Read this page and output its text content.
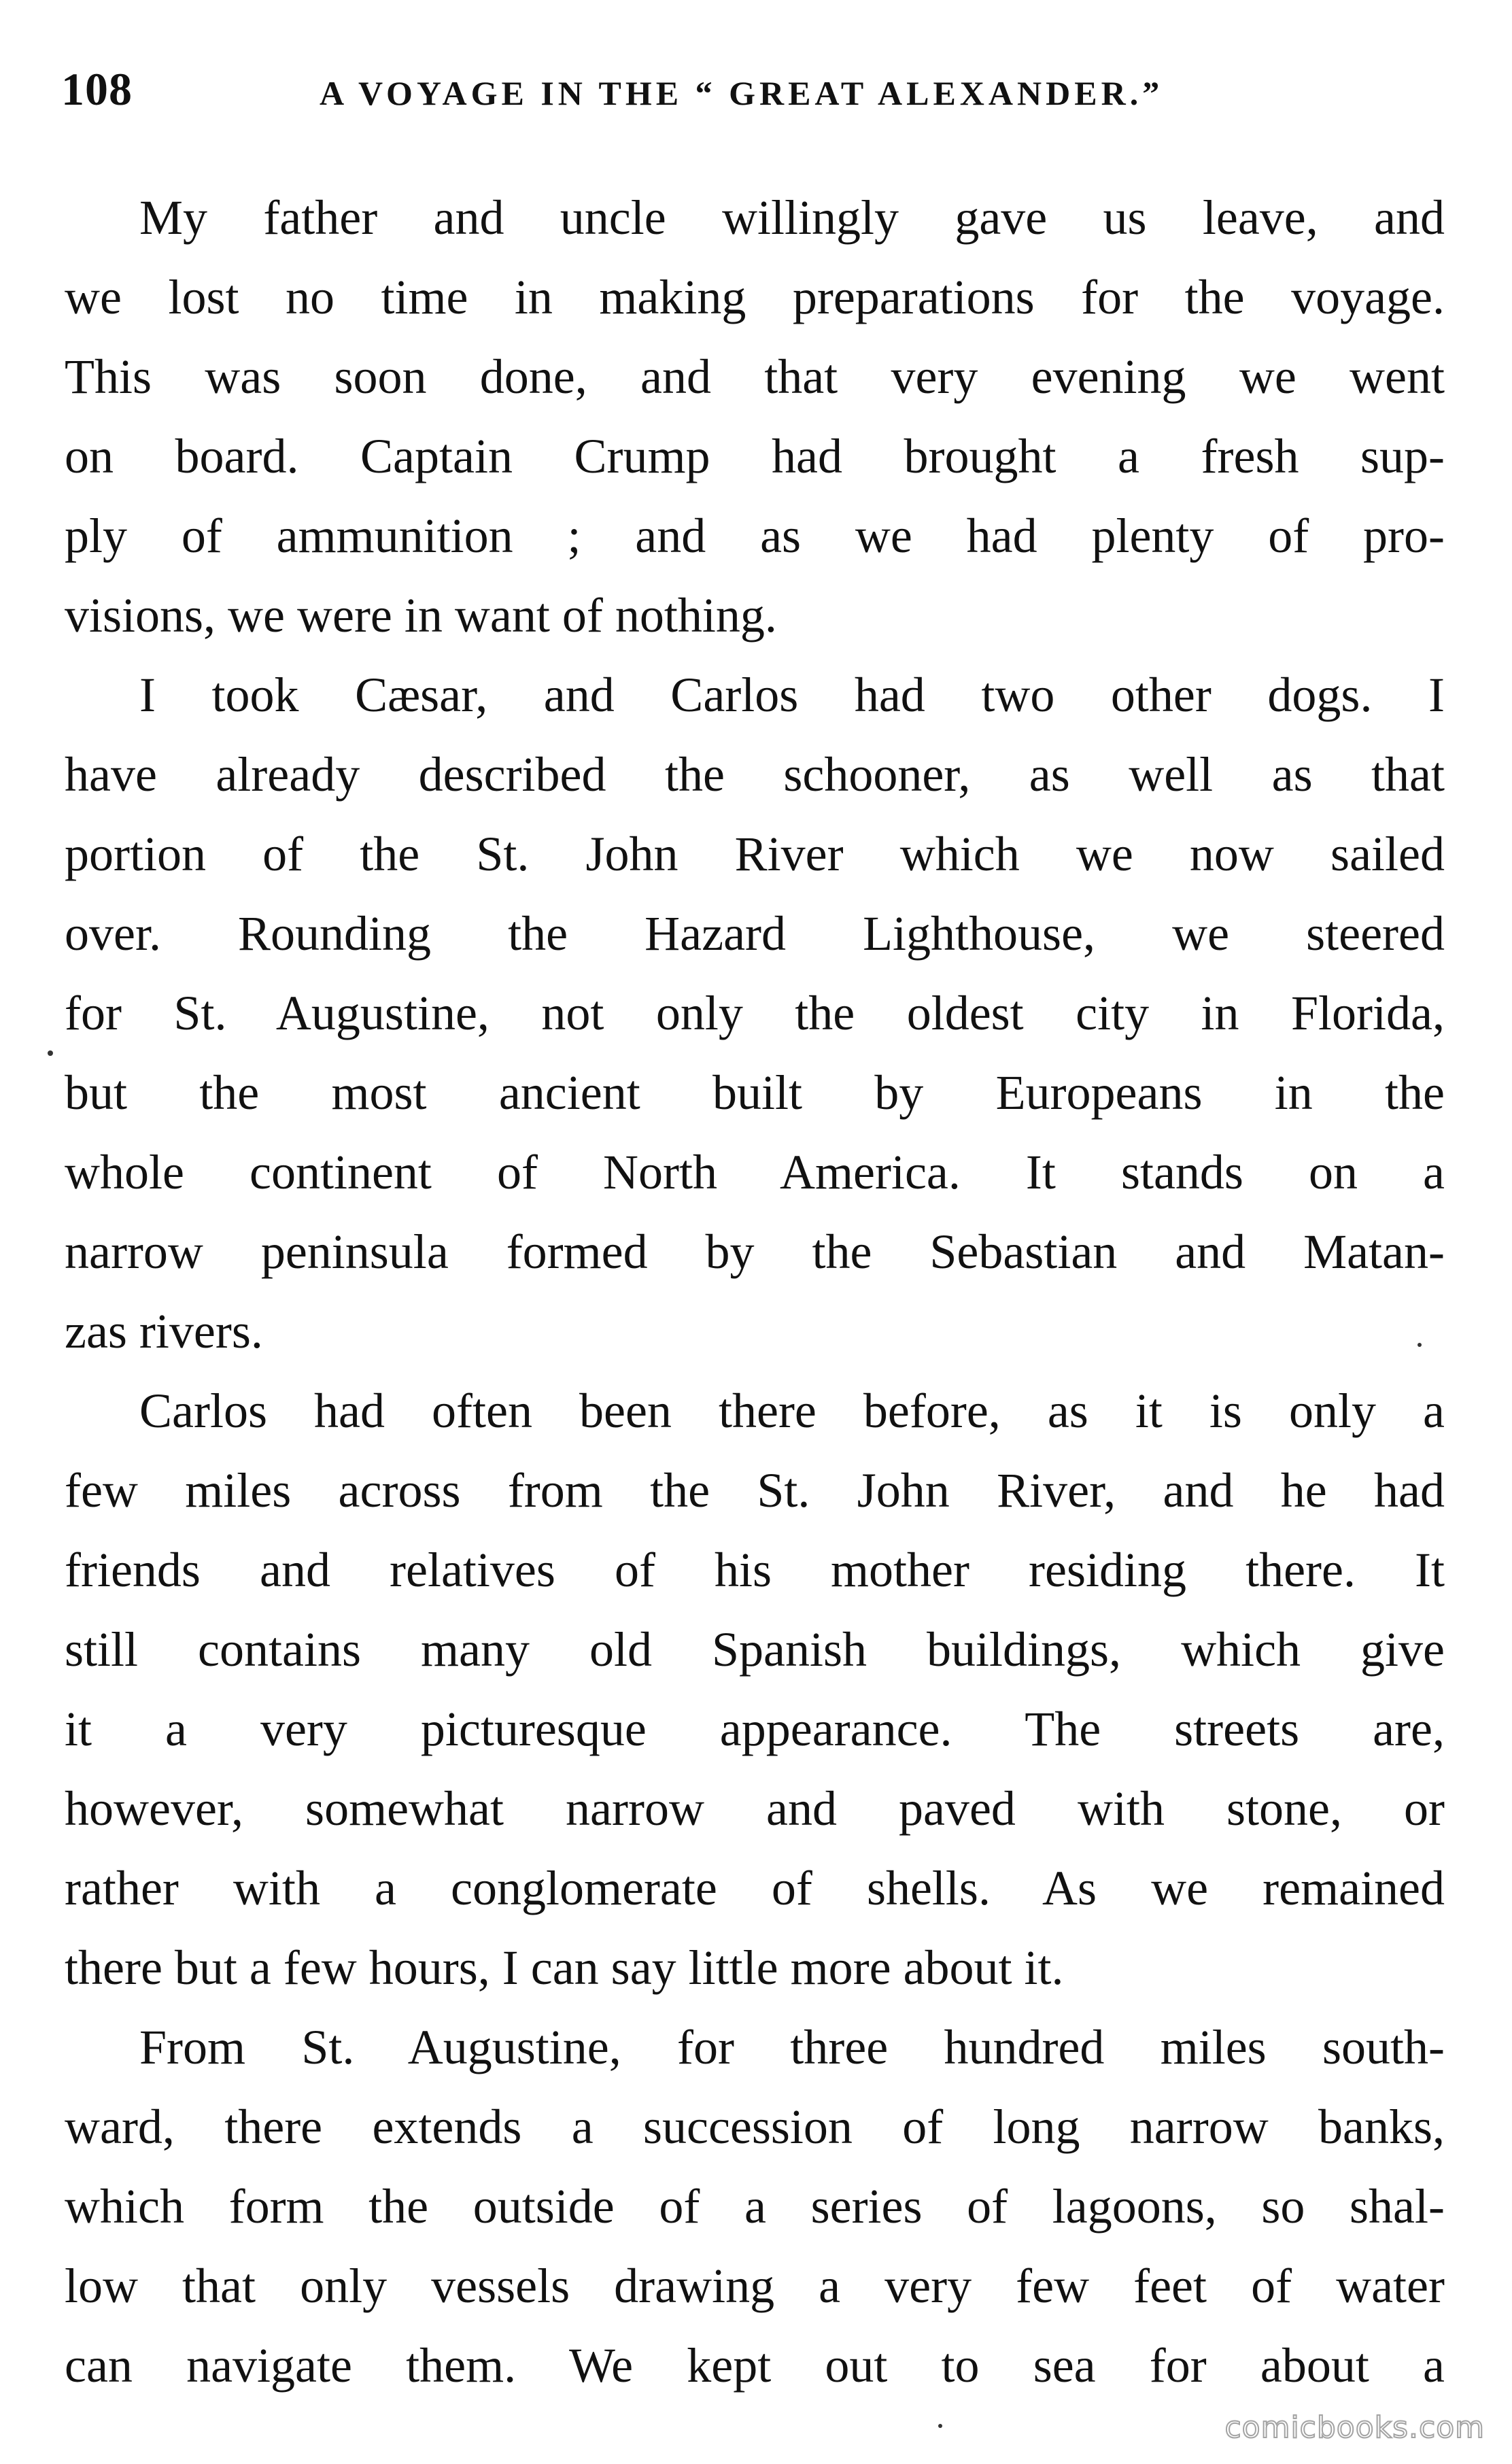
108	A VOYAGE IN THE “ GREAT ALEXANDER.”
My father and uncle willingly gave us leave, and
we lost no time in making preparations for the voyage.
This was soon done, and that very evening we went
on board. Captain Crump had brought a fresh sup-
ply of ammunition ; and as we had plenty of pro-
visions, we were in want of nothing.
I took Cæsar, and Carlos had two other dogs. I
have already described the schooner, as well as that
portion of the St. John River which we now sailed
over. Rounding the Hazard Lighthouse, we steered
for St. Augustine, not only the oldest city in Florida,
but the most ancient built by Europeans in the
whole continent of North America. It stands on a
narrow peninsula formed by the Sebastian and Matan-
zas rivers.
Carlos had often been there before, as it is only a
few miles across from the St. John River, and he had
friends and relatives of his mother residing there. It
still contains many old Spanish buildings, which give
it a very picturesque appearance. The streets are,
however, somewhat narrow and paved with stone, or
rather with a conglomerate of shells. As we remained
there but a few hours, I can say little more about it.
From St. Augustine, for three hundred miles south-
ward, there extends a succession of long narrow banks,
which form the outside of a series of lagoons, so shal-
low that only vessels drawing a very few feet of water
can navigate them. We kept out to sea for about a
comicbooks.com
